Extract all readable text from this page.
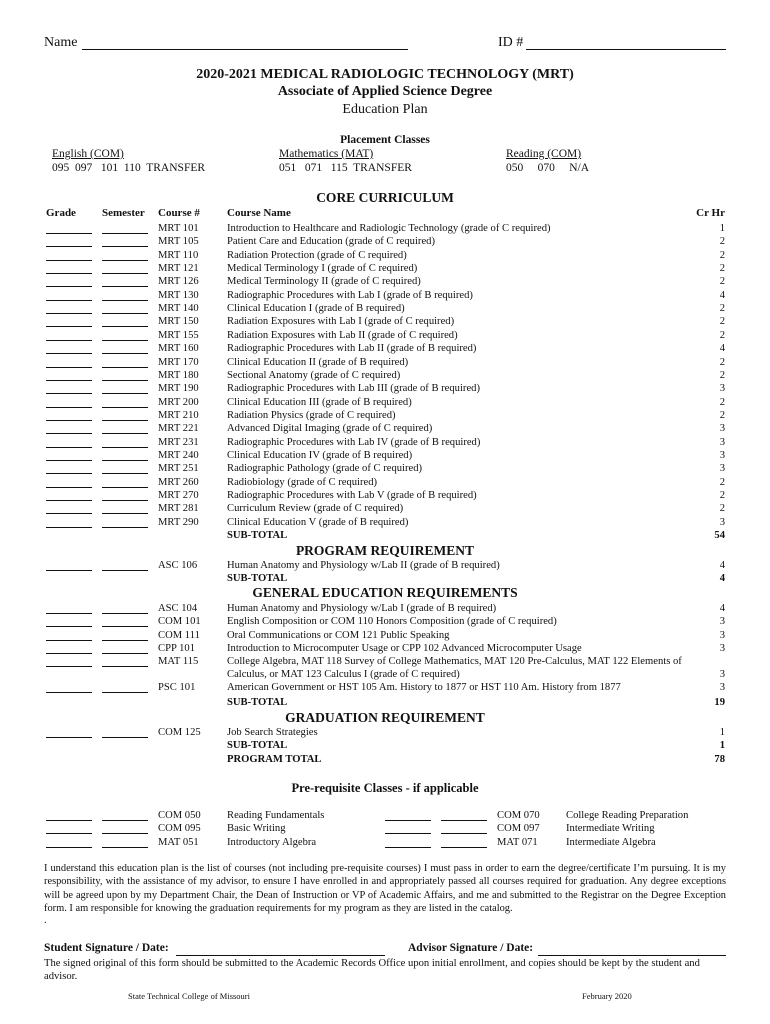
Name	ID #
2020-2021 MEDICAL RADIOLOGIC TECHNOLOGY (MRT)
Associate of Applied Science Degree
Education Plan
Placement Classes
English (COM)
095  097   101  110  TRANSFER
Mathematics (MAT)
051   071   115  TRANSFER
Reading (COM)
050     070     N/A
CORE CURRICULUM
Grade Semester Course # Course Name	Cr Hr
MRT 101	Introduction to Healthcare and Radiologic Technology (grade of C required)	1
MRT 105	Patient Care and Education (grade of C required)	2
MRT 110	Radiation Protection (grade of C required)	2
MRT 121	Medical Terminology I (grade of C required)	2
MRT 126	Medical Terminology II (grade of C required)	2
MRT 130	Radiographic Procedures with Lab I (grade of B required)	4
MRT 140	Clinical Education I (grade of B required)	2
MRT 150	Radiation Exposures with Lab I (grade of C required)	2
MRT 155	Radiation Exposures with Lab II (grade of C required)	2
MRT 160	Radiographic Procedures with Lab II (grade of B required)	4
MRT 170	Clinical Education II (grade of B required)	2
MRT 180	Sectional Anatomy (grade of C required)	2
MRT 190	Radiographic Procedures with Lab III (grade of B required)	3
MRT 200	Clinical Education III (grade of B required)	2
MRT 210	Radiation Physics (grade of C required)	2
MRT 221	Advanced Digital Imaging (grade of C required)	3
MRT 231	Radiographic Procedures with Lab IV (grade of B required)	3
MRT 240	Clinical Education IV (grade of B required)	3
MRT 251	Radiographic Pathology (grade of C required)	3
MRT 260	Radiobiology (grade of C required)	2
MRT 270	Radiographic Procedures with Lab V (grade of B required)	2
MRT 281	Curriculum Review (grade of C required)	2
MRT 290	Clinical Education V (grade of B required)	3
SUB-TOTAL	54
PROGRAM REQUIREMENT
ASC 106	Human Anatomy and Physiology w/Lab II (grade of B required)	4
SUB-TOTAL	4
GENERAL EDUCATION REQUIREMENTS
ASC 104	Human Anatomy and Physiology w/Lab I (grade of B required)	4
COM 101 English Composition or COM 110 Honors Composition (grade of C required)	3
COM 111	Oral Communications or COM 121 Public Speaking	3
CPP 101	Introduction to Microcomputer Usage or CPP 102 Advanced Microcomputer Usage	3
MAT 115	College Algebra, MAT 118 Survey of College Mathematics, MAT 120 Pre-Calculus, MAT 122 Elements of
Calculus, or MAT 123 Calculus I (grade of C required)	3
PSC 101	American Government or HST 105 Am. History to 1877 or HST 110 Am. History from 1877	3
SUB-TOTAL	19
GRADUATION REQUIREMENT
COM 125 Job Search Strategies	1
SUB-TOTAL	1
PROGRAM TOTAL	78
Pre-requisite Classes - if applicable
COM 050 Reading Fundamentals
COM 095 Basic Writing
MAT 051	Introductory Algebra
COM 070 College Reading Preparation
COM 097 Intermediate Writing
MAT 071	Intermediate Algebra
I understand this education plan is the list of courses (not including pre-requisite courses) I must pass in order to earn the degree/certificate I’m pursuing. It is my responsibility, with the assistance of my advisor, to ensure I have enrolled in and appropriately passed all courses required for graduation. Any degree exceptions will be agreed upon by my Department Chair, the Dean of Instruction or VP of Academic Affairs, and me and submitted to the Registrar on the Degree Exception form. I am responsible for knowing the graduation requirements for my program as they are listed in the catalog.
.
Student Signature / Date:	Advisor Signature / Date:
The signed original of this form should be submitted to the Academic Records Office upon initial enrollment, and copies should be kept by the student and advisor.
State Technical College of Missouri	February 2020
